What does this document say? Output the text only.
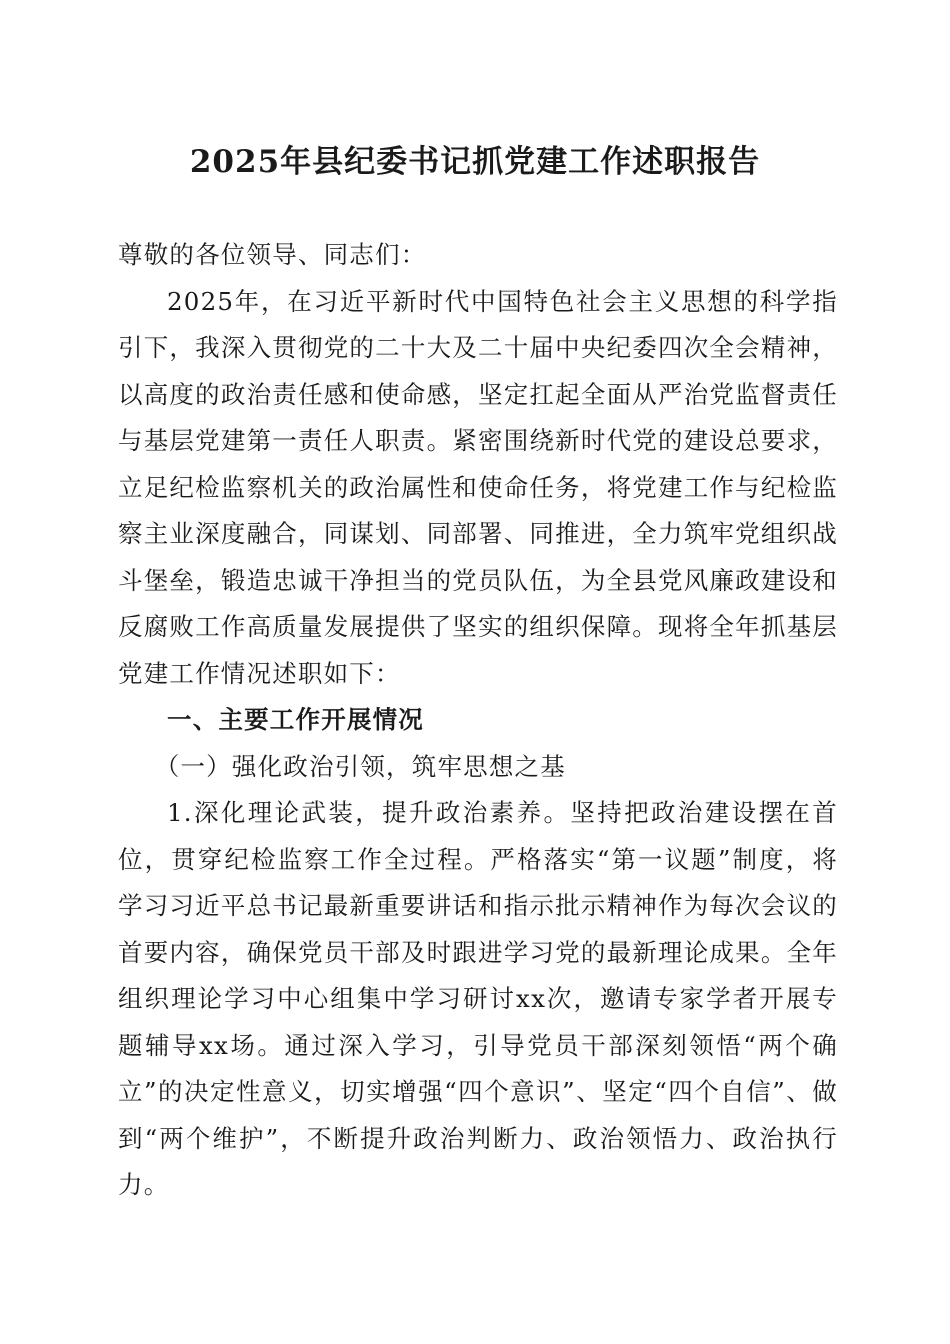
2025年县纪委书记抓党建工作述职报告

尊敬的各位领导、同志们：

2025年，在习近平新时代中国特色社会主义思想的科学指引下，我深入贯彻党的二十大及二十届中央纪委四次全会精神，以高度的政治责任感和使命感，坚定扛起全面从严治党监督责任与基层党建第一责任人职责。紧密围绕新时代党的建设总要求，立足纪检监察机关的政治属性和使命任务，将党建工作与纪检监察主业深度融合，同谋划、同部署、同推进，全力筑牢党组织战斗堡垒，锻造忠诚干净担当的党员队伍，为全县党风廉政建设和反腐败工作高质量发展提供了坚实的组织保障。现将全年抓基层党建工作情况述职如下：

一、主要工作开展情况

（一）强化政治引领，筑牢思想之基

1.深化理论武装，提升政治素养。坚持把政治建设摆在首位，贯穿纪检监察工作全过程。严格落实“第一议题”制度，将学习习近平总书记最新重要讲话和指示批示精神作为每次会议的首要内容，确保党员干部及时跟进学习党的最新理论成果。全年组织理论学习中心组集中学习研讨xx次，邀请专家学者开展专题辅导xx场。通过深入学习，引导党员干部深刻领悟“两个确立”的决定性意义，切实增强“四个意识”、坚定“四个自信”、做到“两个维护”，不断提升政治判断力、政治领悟力、政治执行力。
